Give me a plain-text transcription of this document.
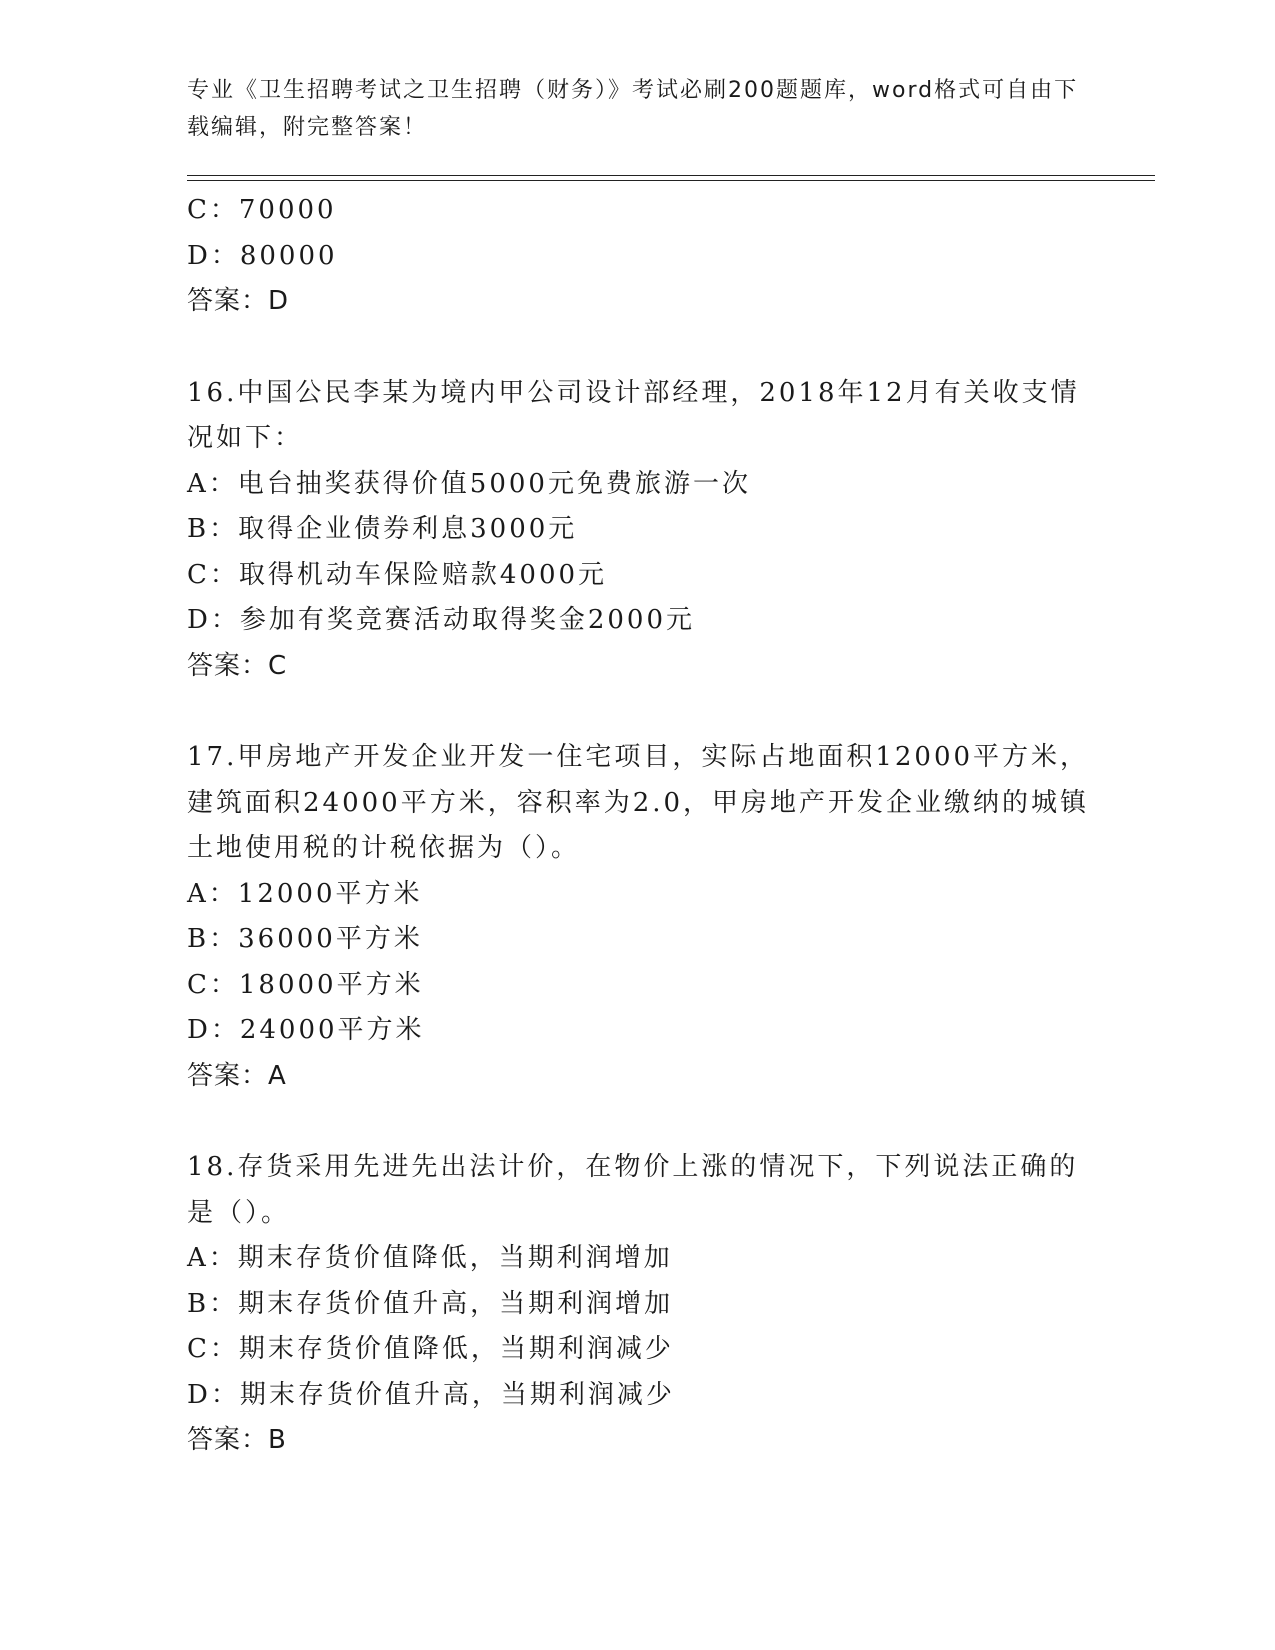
专业《卫生招聘考试之卫生招聘（财务）》考试必刷200题题库，word格式可自由下载编辑，附完整答案！
C：70000
D：80000
答案：D
16.中国公民李某为境内甲公司设计部经理，2018年12月有关收支情况如下：
A：电台抽奖获得价值5000元免费旅游一次
B：取得企业债券利息3000元
C：取得机动车保险赔款4000元
D：参加有奖竞赛活动取得奖金2000元
答案：C
17.甲房地产开发企业开发一住宅项目，实际占地面积12000平方米，建筑面积24000平方米，容积率为2.0，甲房地产开发企业缴纳的城镇土地使用税的计税依据为（）。
A：12000平方米
B：36000平方米
C：18000平方米
D：24000平方米
答案：A
18.存货采用先进先出法计价，在物价上涨的情况下，下列说法正确的是（）。
A：期末存货价值降低，当期利润增加
B：期末存货价值升高，当期利润增加
C：期末存货价值降低，当期利润减少
D：期末存货价值升高，当期利润减少
答案：B
